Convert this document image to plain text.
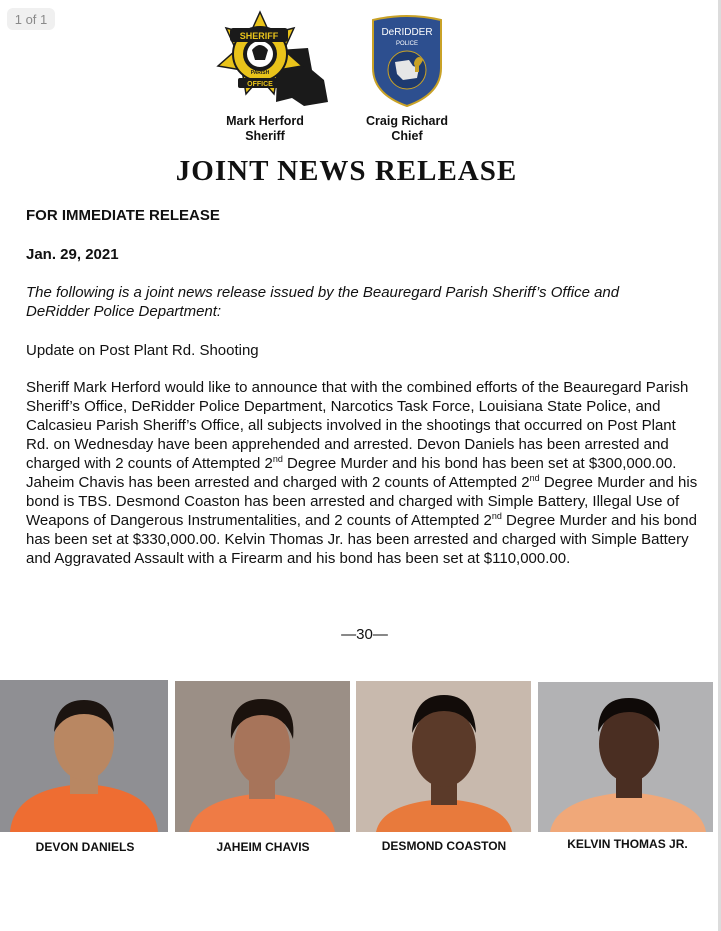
1 of 1
SHERIFF
PARISH
OFFICE
DeRIDDER
POLICE
Mark Herford
Sheriff
Craig Richard
Chief
JOINT NEWS RELEASE

FOR IMMEDIATE RELEASE

Jan. 29, 2021

The following is a joint news release issued by the Beauregard Parish Sheriff’s Office and DeRidder Police Department:

Update on Post Plant Rd. Shooting

Sheriff Mark Herford would like to announce that with the combined efforts of the Beauregard Parish Sheriff’s Office, DeRidder Police Department, Narcotics Task Force, Louisiana State Police, and Calcasieu Parish Sheriff’s Office, all subjects involved in the shootings that occurred on Post Plant Rd. on Wednesday have been apprehended and arrested. Devon Daniels has been arrested and charged with 2 counts of Attempted 2nd Degree Murder and his bond has been set at $300,000.00. Jaheim Chavis has been arrested and charged with 2 counts of Attempted 2nd Degree Murder and his bond is TBS. Desmond Coaston has been arrested and charged with Simple Battery, Illegal Use of Weapons of Dangerous Instrumentalities, and 2 counts of Attempted 2nd Degree Murder and his bond has been set at $330,000.00. Kelvin Thomas Jr. has been arrested and charged with Simple Battery and Aggravated Assault with a Firearm and his bond has been set at $110,000.00.

—30—
DEVON DANIELS	JAHEIM CHAVIS	DESMOND COASTON	KELVIN THOMAS JR.
